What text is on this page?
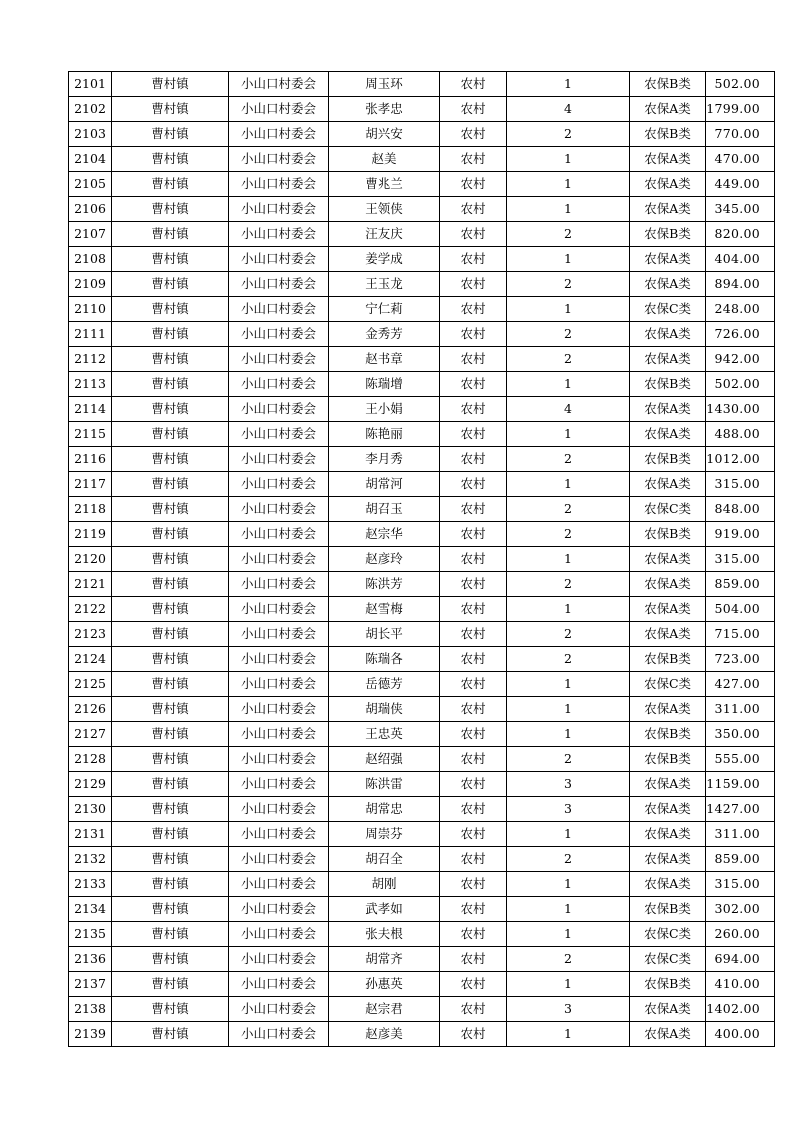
2101	曹村镇	小山口村委会	周玉环	农村	1	农保B类	502.00
2102	曹村镇	小山口村委会	张孝忠	农村	4	农保A类	1799.00
2103	曹村镇	小山口村委会	胡兴安	农村	2	农保B类	770.00
2104	曹村镇	小山口村委会	赵美	农村	1	农保A类	470.00
2105	曹村镇	小山口村委会	曹兆兰	农村	1	农保A类	449.00
2106	曹村镇	小山口村委会	王领侠	农村	1	农保A类	345.00
2107	曹村镇	小山口村委会	汪友庆	农村	2	农保B类	820.00
2108	曹村镇	小山口村委会	姜学成	农村	1	农保A类	404.00
2109	曹村镇	小山口村委会	王玉龙	农村	2	农保A类	894.00
2110	曹村镇	小山口村委会	宁仁莉	农村	1	农保C类	248.00
2111	曹村镇	小山口村委会	金秀芳	农村	2	农保A类	726.00
2112	曹村镇	小山口村委会	赵书章	农村	2	农保A类	942.00
2113	曹村镇	小山口村委会	陈瑞增	农村	1	农保B类	502.00
2114	曹村镇	小山口村委会	王小娟	农村	4	农保A类	1430.00
2115	曹村镇	小山口村委会	陈艳丽	农村	1	农保A类	488.00
2116	曹村镇	小山口村委会	李月秀	农村	2	农保B类	1012.00
2117	曹村镇	小山口村委会	胡常河	农村	1	农保A类	315.00
2118	曹村镇	小山口村委会	胡召玉	农村	2	农保C类	848.00
2119	曹村镇	小山口村委会	赵宗华	农村	2	农保B类	919.00
2120	曹村镇	小山口村委会	赵彦玲	农村	1	农保A类	315.00
2121	曹村镇	小山口村委会	陈洪芳	农村	2	农保A类	859.00
2122	曹村镇	小山口村委会	赵雪梅	农村	1	农保A类	504.00
2123	曹村镇	小山口村委会	胡长平	农村	2	农保A类	715.00
2124	曹村镇	小山口村委会	陈瑞各	农村	2	农保B类	723.00
2125	曹村镇	小山口村委会	岳德芳	农村	1	农保C类	427.00
2126	曹村镇	小山口村委会	胡瑞侠	农村	1	农保A类	311.00
2127	曹村镇	小山口村委会	王忠英	农村	1	农保B类	350.00
2128	曹村镇	小山口村委会	赵绍强	农村	2	农保B类	555.00
2129	曹村镇	小山口村委会	陈洪雷	农村	3	农保A类	1159.00
2130	曹村镇	小山口村委会	胡常忠	农村	3	农保A类	1427.00
2131	曹村镇	小山口村委会	周崇芬	农村	1	农保A类	311.00
2132	曹村镇	小山口村委会	胡召全	农村	2	农保A类	859.00
2133	曹村镇	小山口村委会	胡刚	农村	1	农保A类	315.00
2134	曹村镇	小山口村委会	武孝如	农村	1	农保B类	302.00
2135	曹村镇	小山口村委会	张夫根	农村	1	农保C类	260.00
2136	曹村镇	小山口村委会	胡常齐	农村	2	农保C类	694.00
2137	曹村镇	小山口村委会	孙惠英	农村	1	农保B类	410.00
2138	曹村镇	小山口村委会	赵宗君	农村	3	农保A类	1402.00
2139	曹村镇	小山口村委会	赵彦美	农村	1	农保A类	400.00
